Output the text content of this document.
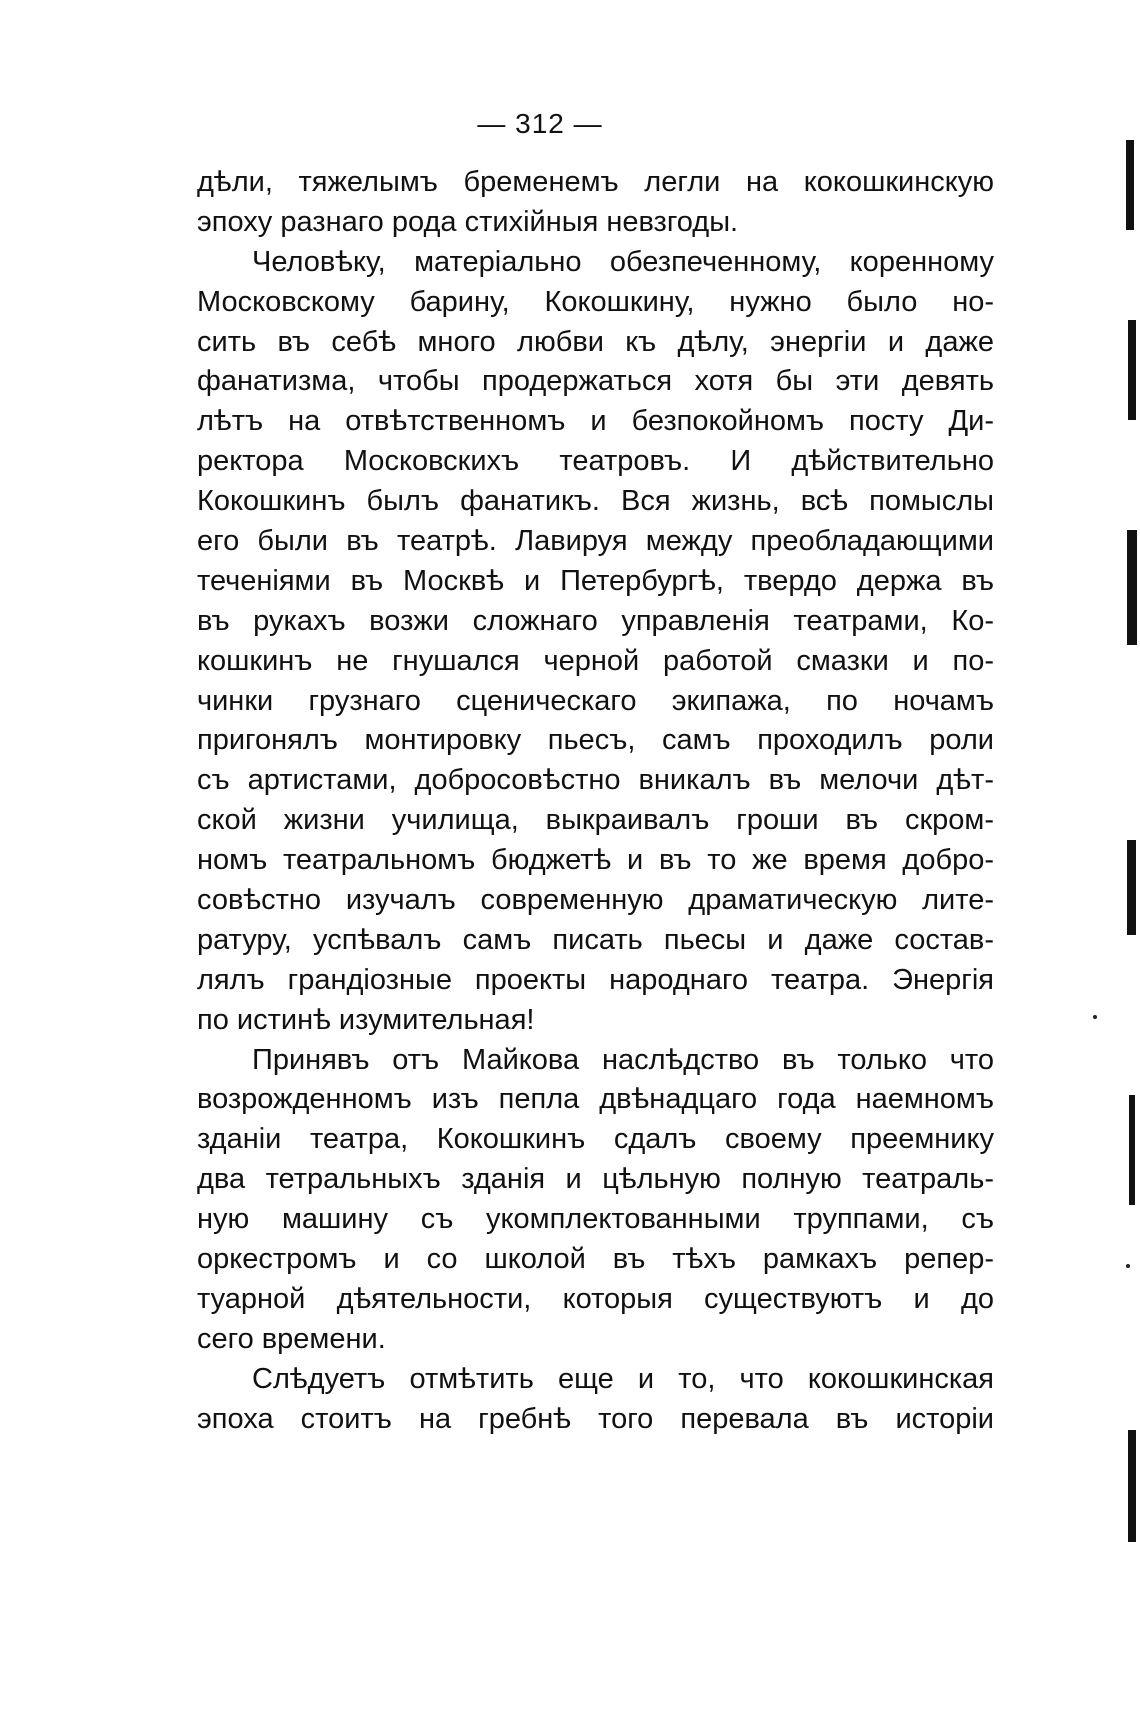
— 312 —
дѣли, тяжелымъ бременемъ легли на кокошкинскую
эпоху разнаго рода стихійныя невзгоды.
Человѣку, матеріально обезпеченному, коренному
Московскому барину, Кокошкину, нужно было но-
сить въ себѣ много любви къ дѣлу, энергіи и даже
фанатизма, чтобы продержаться хотя бы эти девять
лѣтъ на отвѣтственномъ и безпокойномъ посту Ди-
ректора Московскихъ театровъ. И дѣйствительно
Кокошкинъ былъ фанатикъ. Вся жизнь, всѣ помыслы
его были въ театрѣ. Лавируя между преобладающими
теченіями въ Москвѣ и Петербургѣ, твердо держа въ
въ рукахъ возжи сложнаго управленія театрами, Ко-
кошкинъ не гнушался черной работой смазки и по-
чинки грузнаго сценическаго экипажа, по ночамъ
пригонялъ монтировку пьесъ, самъ проходилъ роли
съ артистами, добросовѣстно вникалъ въ мелочи дѣт-
ской жизни училища, выкраивалъ гроши въ скром-
номъ театральномъ бюджетѣ и въ то же время добро-
совѣстно изучалъ современную драматическую лите-
ратуру, успѣвалъ самъ писать пьесы и даже состав-
лялъ грандіозные проекты народнаго театра. Энергія
по истинѣ изумительная!
Принявъ отъ Майкова наслѣдство въ только что
возрожденномъ изъ пепла двѣнадцаго года наемномъ
зданіи театра, Кокошкинъ сдалъ своему преемнику
два тетральныхъ зданія и цѣльную полную театраль-
ную машину съ укомплектованными труппами, съ
оркестромъ и со школой въ тѣхъ рамкахъ репер-
туарной дѣятельности, которыя существуютъ и до
сего времени.
Слѣдуетъ отмѣтить еще и то, что кокошкинская
эпоха стоитъ на гребнѣ того перевала въ исторіи
